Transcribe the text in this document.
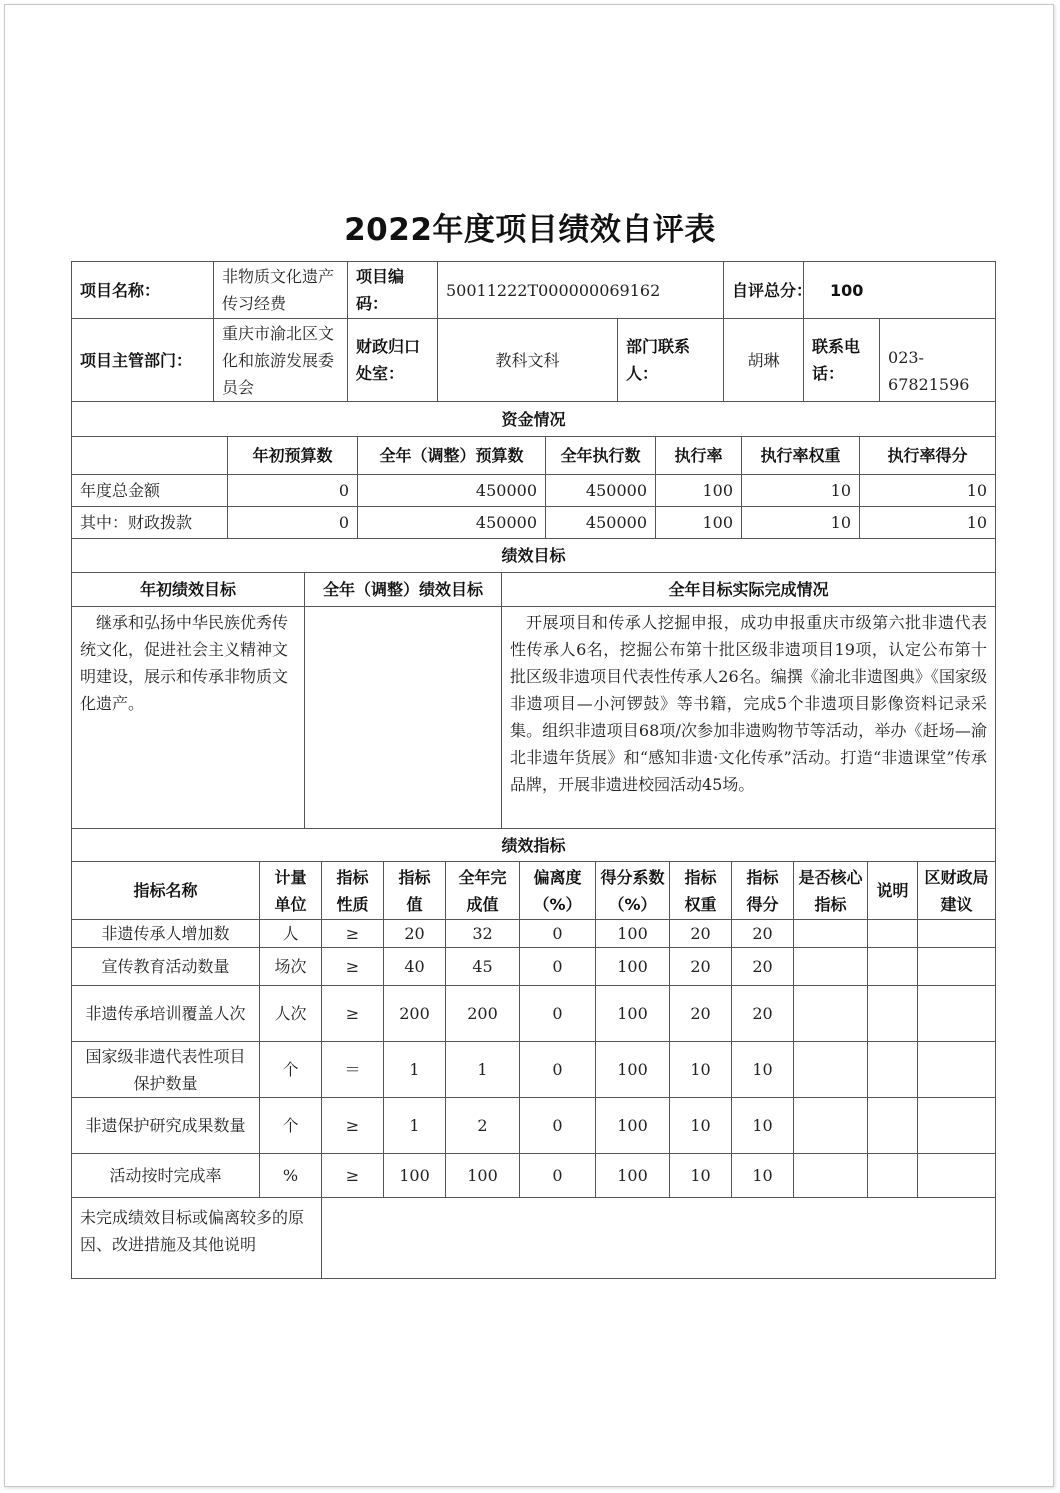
2022年度项目绩效自评表
项目名称：	非物质文化遗产传习经费	项目编码：	50011222T000000069162		自评总分：	100	
项目主管部门：	重庆市渝北区文化和旅游发展委员会	财政归口处室：	教科文科	部门联系人：	胡琳	联系电话：	023-67821596
资金情况						
	年初预算数	全年（调整）预算数	全年执行数	执行率	执行率权重	执行率得分
年度总金额	0	450000	450000	100	10	10
其中：财政拨款	0	450000	450000	100	10	10
绩效目标		
年初绩效目标	全年（调整）绩效目标	全年目标实际完成情况
继承和弘扬中华民族优秀传统文化，促进社会主义精神文明建设，展示和传承非物质文化遗产。		开展项目和传承人挖掘申报，成功申报重庆市级第六批非遗代表性传承人6名，挖掘公布第十批区级非遗项目19项，认定公布第十批区级非遗项目代表性传承人26名。编撰《渝北非遗图典》《国家级非遗项目—小河锣鼓》等书籍，完成5个非遗项目影像资料记录采集。组织非遗项目68项/次参加非遗购物节等活动，举办《赶场—渝北非遗年货展》和“感知非遗·文化传承”活动。打造“非遗课堂”传承品牌，开展非遗进校园活动45场。
绩效指标											
指标名称	计量单位	指标性质	指标值	全年完成值	偏离度（%）	得分系数（%）	指标权重	指标得分	是否核心指标	说明	区财政局建议
非遗传承人增加数	人	≥	20	32	0	100	20	20			
宣传教育活动数量	场次	≥	40	45	0	100	20	20			
非遗传承培训覆盖人次	人次	≥	200	200	0	100	20	20			
国家级非遗代表性项目保护数量	个	＝	1	1	0	100	10	10			
非遗保护研究成果数量	个	≥	1	2	0	100	10	10			
活动按时完成率	%	≥	100	100	0	100	10	10			
未完成绩效目标或偏离较多的原因、改进措施及其他说明	
